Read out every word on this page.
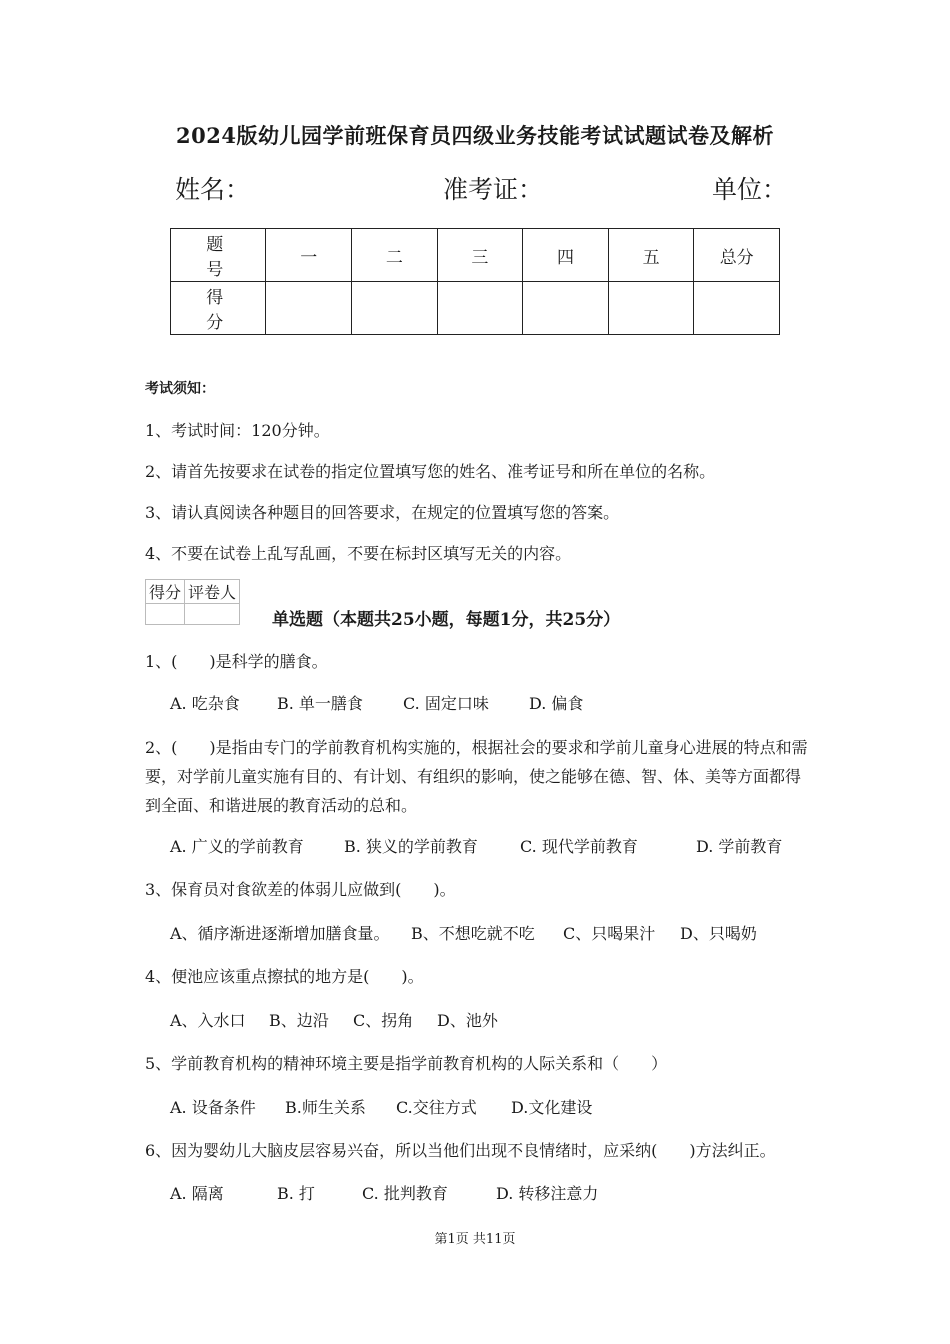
2024版幼儿园学前班保育员四级业务技能考试试题试卷及解析
姓名：	准考证：	单位：
题　号	一	二	三	四	五	总分
得　分						
考试须知：
1、考试时间：120分钟。
2、请首先按要求在试卷的指定位置填写您的姓名、准考证号和所在单位的名称。
3、请认真阅读各种题目的回答要求，在规定的位置填写您的答案。
4、不要在试卷上乱写乱画，不要在标封区填写无关的内容。
得分	评卷人

单选题（本题共25小题，每题1分，共25分）
1、(　　)是科学的膳食。
A. 吃杂食 B. 单一膳食	C. 固定口味	D. 偏食
2、(　　)是指由专门的学前教育机构实施的，根据社会的要求和学前儿童身心进展的特点和需要，对学前儿童实施有目的、有计划、有组织的影响，使之能够在德、智、体、美等方面都得到全面、和谐进展的教育活动的总和。
A. 广义的学前教育	B. 狭义的学前教育	C. 现代学前教育	D. 学前教育
3、保育员对食欲差的体弱儿应做到(　　)。
A、循序渐进逐渐增加膳食量。 B、不想吃就不吃 C、只喝果汁 D、只喝奶
4、便池应该重点擦拭的地方是(　　)。
A、入水口 B、边沿 C、拐角 D、池外
5、学前教育机构的精神环境主要是指学前教育机构的人际关系和（　　）
A. 设备条件 B.师生关系 C.交往方式 D.文化建设
6、因为婴幼儿大脑皮层容易兴奋，所以当他们出现不良情绪时，应采纳(　　)方法纠正。
A. 隔离	B. 打	C. 批判教育	D. 转移注意力
第1页 共11页
